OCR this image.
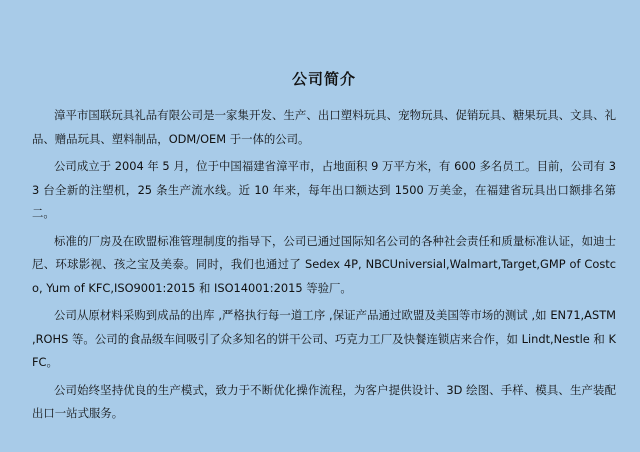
公司简介

漳平市国联玩具礼品有限公司是一家集开发、生产、出口塑料玩具、宠物玩具、促销玩具、糖果玩具、文具、礼品、赠品玩具、塑料制品，ODM/OEM 于一体的公司。

公司成立于 2004 年 5 月，位于中国福建省漳平市，占地面积 9 万平方米，有 600 多名员工。目前，公司有 33 台全新的注塑机，25 条生产流水线。近 10 年来，每年出口额达到 1500 万美金，在福建省玩具出口额排名第二。

标准的厂房及在欧盟标准管理制度的指导下，公司已通过国际知名公司的各种社会责任和质量标准认证，如迪士尼、环球影视、孩之宝及美泰。同时，我们也通过了 Sedex 4P, NBCUniversial,Walmart,Target,GMP of Costco, Yum of KFC,ISO9001:2015 和 ISO14001:2015 等验厂。

公司从原材料采购到成品的出库 ,严格执行每一道工序 ,保证产品通过欧盟及美国等市场的测试 ,如 EN71,ASTM ,ROHS 等。公司的食品级车间吸引了众多知名的饼干公司、巧克力工厂及快餐连锁店来合作，如 Lindt,Nestle 和 KFC。

公司始终坚持优良的生产模式，致力于不断优化操作流程，为客户提供设计、3D 绘图、手样、模具、生产装配出口一站式服务。
